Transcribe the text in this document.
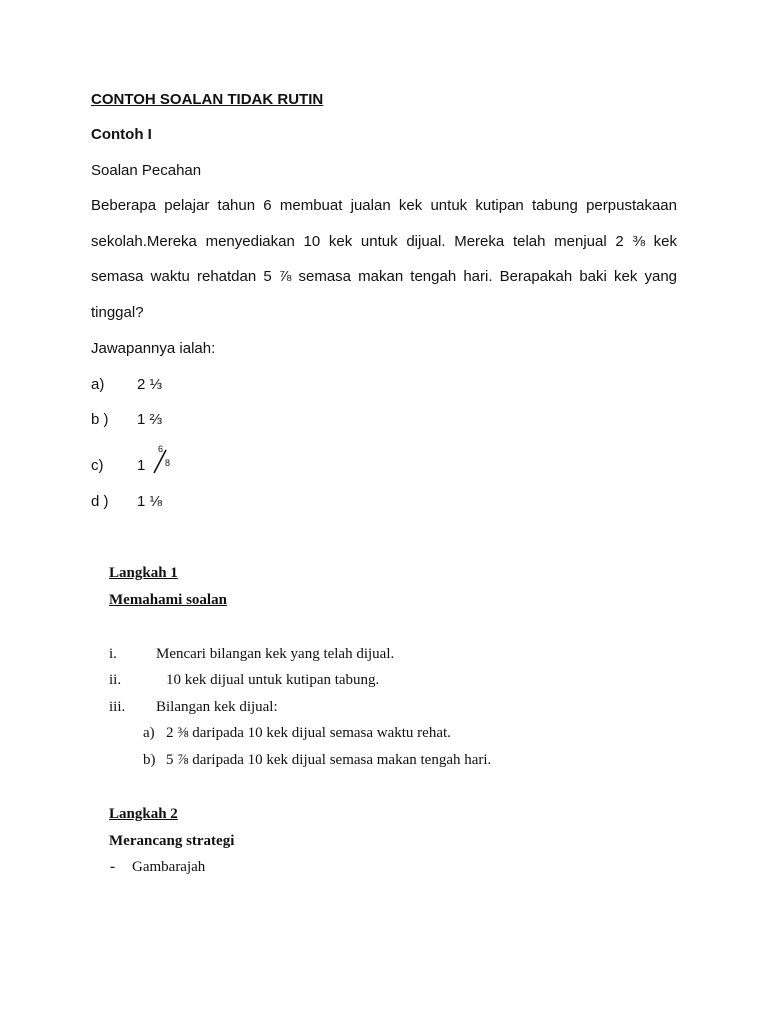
CONTOH SOALAN TIDAK RUTIN
Contoh I
Soalan Pecahan
Beberapa pelajar tahun 6 membuat jualan kek untuk kutipan tabung perpustakaan
sekolah.Mereka menyediakan 10 kek untuk dijual. Mereka telah menjual 2 ⅜ kek
semasa waktu rehatdan 5 ⅞ semasa makan tengah hari. Berapakah baki kek yang
tinggal?
Jawapannya ialah:
a) 2 ⅓
b ) 1 ⅔
c) 1
6
8
d ) 1 ⅛
Langkah 1
Memahami soalan
i.	Mencari bilangan kek yang telah dijual.
ii.	10 kek dijual untuk kutipan tabung.
iii. Bilangan kek dijual:
a) 2 ⅜ daripada 10 kek dijual semasa waktu rehat.
b) 5 ⅞ daripada 10 kek dijual semasa makan tengah hari.
Langkah 2
Merancang strategi
- Gambarajah
